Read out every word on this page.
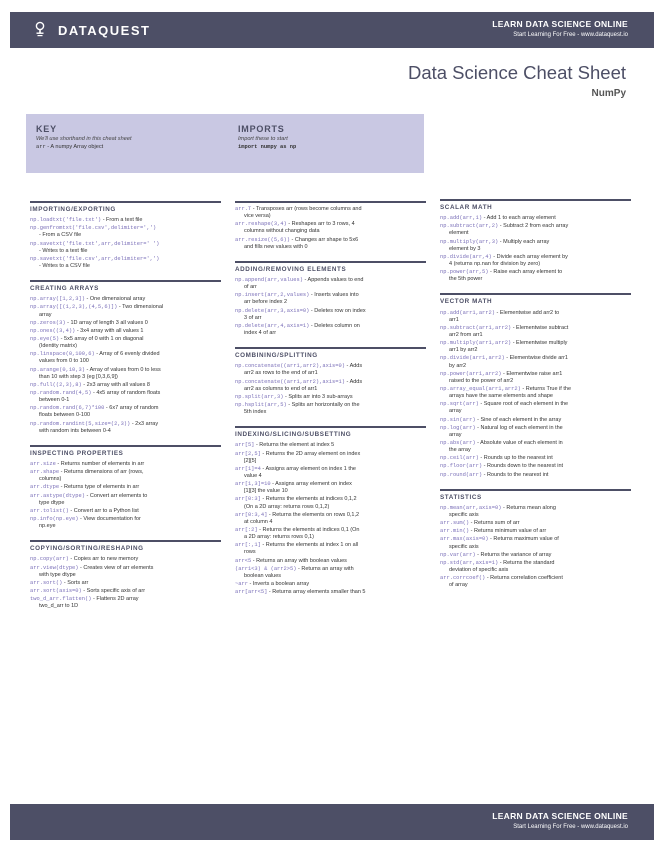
DATAQUEST	LEARN DATA SCIENCE ONLINE
Start Learning For Free - www.dataquest.io
Data Science Cheat Sheet
NumPy
KEY
We'll use shorthand in this cheat sheet
arr - A numpy Array object
IMPORTS
Import these to start
import numpy as np
IMPORTING/EXPORTING
np.loadtxt('file.txt') - From a text file
np.genfromtxt('file.csv',delimiter=',')
- From a CSV file
np.savetxt('file.txt',arr,delimiter=' ')
- Writes to a text file
np.savetxt('file.csv',arr,delimiter=',')
- Writes to a CSV file
CREATING ARRAYS
np.array([1,2,3]) - One dimensional array
np.array([(1,2,3),(4,5,6)]) - Two dimensional
array
np.zeros(3) - 1D array of length 3 all values 0
np.ones((3,4)) - 3x4 array with all values 1
np.eye(5) - 5x5 array of 0 with 1 on diagonal
(Identity matrix)
np.linspace(0,100,6) - Array of 6 evenly divided
values from 0 to 100
np.arange(0,10,3) - Array of values from 0 to less
than 10 with step 3 (eg [0,3,6,9])
np.full((2,3),8) - 2x3 array with all values 8
np.random.rand(4,5) - 4x5 array of random floats
between 0-1
np.random.rand(6,7)*100 - 6x7 array of random
floats between 0-100
np.random.randint(5,size=(2,3)) - 2x3 array
with random ints between 0-4
INSPECTING PROPERTIES
arr.size - Returns number of elements in arr
arr.shape - Returns dimensions of arr (rows,
columns)
arr.dtype - Returns type of elements in arr
arr.astype(dtype) - Convert arr elements to
type dtype
arr.tolist() - Convert arr to a Python list
np.info(np.eye) - View documentation for
np.eye
COPYING/SORTING/RESHAPING
np.copy(arr) - Copies arr to new memory
arr.view(dtype) - Creates view of arr elements
with type dtype
arr.sort() - Sorts arr
arr.sort(axis=0) - Sorts specific axis of arr
two_d_arr.flatten() - Flattens 2D array
two_d_arr to 1D
arr.T - Transposes arr (rows become columns and
vice versa)
arr.reshape(3,4) - Reshapes arr to 3 rows, 4
columns without changing data
arr.resize((5,6)) - Changes arr shape to 5x6
and fills new values with 0
ADDING/REMOVING ELEMENTS
np.append(arr,values) - Appends values to end
of arr
np.insert(arr,2,values) - Inserts values into
arr before index 2
np.delete(arr,3,axis=0) - Deletes row on index
3 of arr
np.delete(arr,4,axis=1) - Deletes column on
index 4 of arr
COMBINING/SPLITTING
np.concatenate((arr1,arr2),axis=0) - Adds
arr2 as rows to the end of arr1
np.concatenate((arr1,arr2),axis=1) - Adds
arr2 as columns to end of arr1
np.split(arr,3) - Splits arr into 3 sub-arrays
np.hsplit(arr,5) - Splits arr horizontally on the
5th index
INDEXING/SLICING/SUBSETTING
arr[5] - Returns the element at index 5
arr[2,5] - Returns the 2D array element on index
[2][5]
arr[1]=4 - Assigns array element on index 1 the
value 4
arr[1,3]=10 - Assigns array element on index
[1][3] the value 10
arr[0:3] - Returns the elements at indices 0,1,2
(On a 2D array: returns rows 0,1,2)
arr[0:3,4] - Returns the elements on rows 0,1,2
at column 4
arr[:2] - Returns the elements at indices 0,1 (On
a 2D array: returns rows 0,1)
arr[:,1] - Returns the elements at index 1 on all
rows
arr<5 - Returns an array with boolean values
(arr1<3) & (arr2>5) - Returns an array with
boolean values
~arr - Inverts a boolean array
arr[arr<5] - Returns array elements smaller than 5
SCALAR MATH
np.add(arr,1) - Add 1 to each array element
np.subtract(arr,2) - Subtract 2 from each array
element
np.multiply(arr,3) - Multiply each array
element by 3
np.divide(arr,4) - Divide each array element by
4 (returns np.nan for division by zero)
np.power(arr,5) - Raise each array element to
the 5th power
VECTOR MATH
np.add(arr1,arr2) - Elementwise add arr2 to
arr1
np.subtract(arr1,arr2) - Elementwise subtract
arr2 from arr1
np.multiply(arr1,arr2) - Elementwise multiply
arr1 by arr2
np.divide(arr1,arr2) - Elementwise divide arr1
by arr2
np.power(arr1,arr2) - Elementwise raise arr1
raised to the power of arr2
np.array_equal(arr1,arr2) - Returns True if the
arrays have the same elements and shape
np.sqrt(arr) - Square root of each element in the
array
np.sin(arr) - Sine of each element in the array
np.log(arr) - Natural log of each element in the
array
np.abs(arr) - Absolute value of each element in
the array
np.ceil(arr) - Rounds up to the nearest int
np.floor(arr) - Rounds down to the nearest int
np.round(arr) - Rounds to the nearest int
STATISTICS
np.mean(arr,axis=0) - Returns mean along
specific axis
arr.sum() - Returns sum of arr
arr.min() - Returns minimum value of arr
arr.max(axis=0) - Returns maximum value of
specific axis
np.var(arr) - Returns the variance of array
np.std(arr,axis=1) - Returns the standard
deviation of specific axis
arr.corrcoef() - Returns correlation coefficient
of array
LEARN DATA SCIENCE ONLINE
Start Learning For Free - www.dataquest.io
